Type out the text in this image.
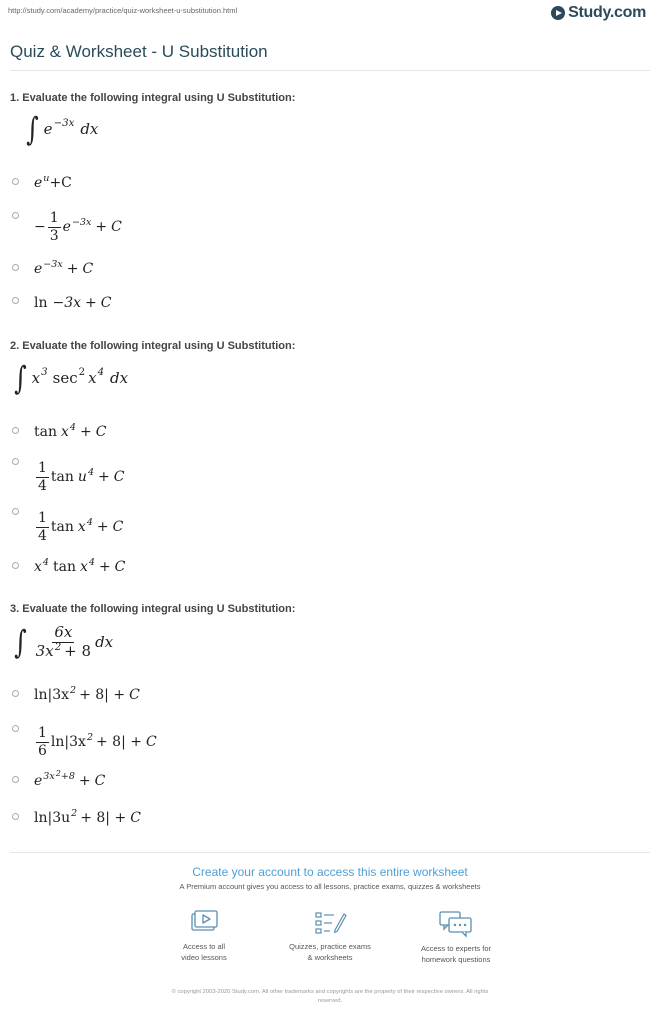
http://study.com/academy/practice/quiz-worksheet-u-substitution.html	Study.com
Quiz & Worksheet - U Substitution
1. Evaluate the following integral using U Substitution:
∫ e −3x dx
e u +C
− $\frac{1}{3}$ e −3x + C
e −3x + C
ln −3x + C
2. Evaluate the following integral using U Substitution:
∫ x 3 sec 2 x 4 dx
tan x 4 + C
$\frac{1}{4}$ tan u 4 + C
$\frac{1}{4}$ tan x 4 + C
x 4 tan x 4 + C
3. Evaluate the following integral using U Substitution:
∫ $\frac{6x}{3x^2 + 8}$ dx
ln|3x 2 + 8| + C
$\frac{1}{6} \ln|3x$ 2 + 8| + C
e 3x2+8 + C
ln|3u 2 + 8| + C
Create your account to access this entire worksheet
A Premium account gives you access to all lessons, practice exams, quizzes & worksheets
Access to all
video lessons
Quizzes, practice exams
& worksheets
Access to experts for
homework questions
© copyright 2003-2020 Study.com. All other trademarks and copyrights are the property of their respective owners. All rights
reserved.
